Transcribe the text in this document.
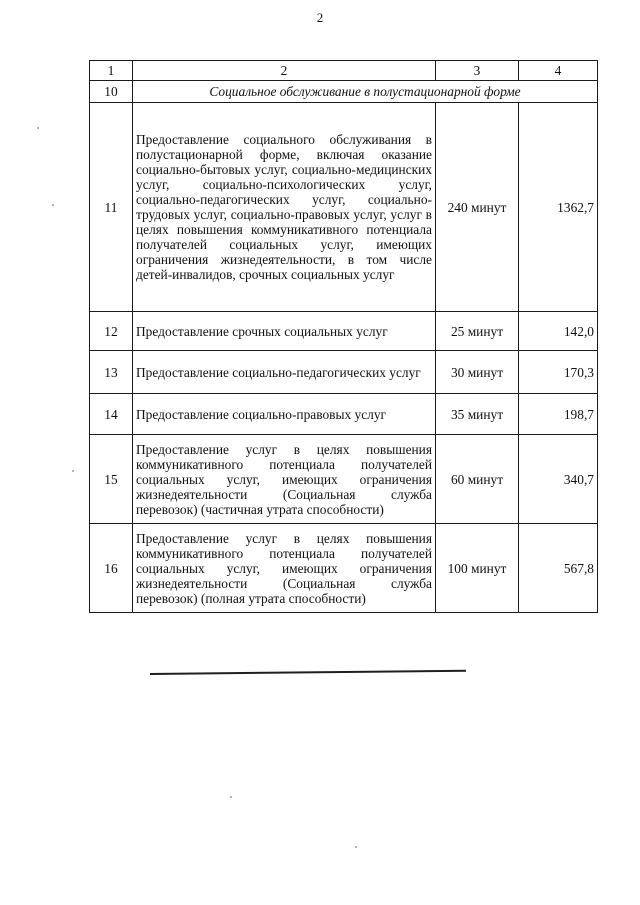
2
1	2	3	4
10	Социальное обслуживание в полустационарной форме		
11	Предоставление социального обслуживания в полустационарной форме, включая оказание социально-бытовых услуг, социально-медицинских услуг, социально-психологических услуг, социально-педагогических услуг, социально-трудовых услуг, социально-правовых услуг, услуг в целях повышения коммуникативного потенциала получателей социальных услуг, имеющих ограничения жизнедеятельности, в том числе детей-инвалидов, срочных социальных услуг	240 минут	1362,7
12	Предоставление срочных социальных услуг	25 минут	142,0
13	Предоставление социально-педагогических услуг	30 минут	170,3
14	Предоставление социально-правовых услуг	35 минут	198,7
15	Предоставление услуг в целях повышения коммуникативного потенциала получателей социальных услуг, имеющих ограничения жизнедеятельности (Социальная служба перевозок) (частичная утрата способности)	60 минут	340,7
16	Предоставление услуг в целях повышения коммуникативного потенциала получателей социальных услуг, имеющих ограничения жизнедеятельности (Социальная служба перевозок) (полная утрата способности)	100 минут	567,8
